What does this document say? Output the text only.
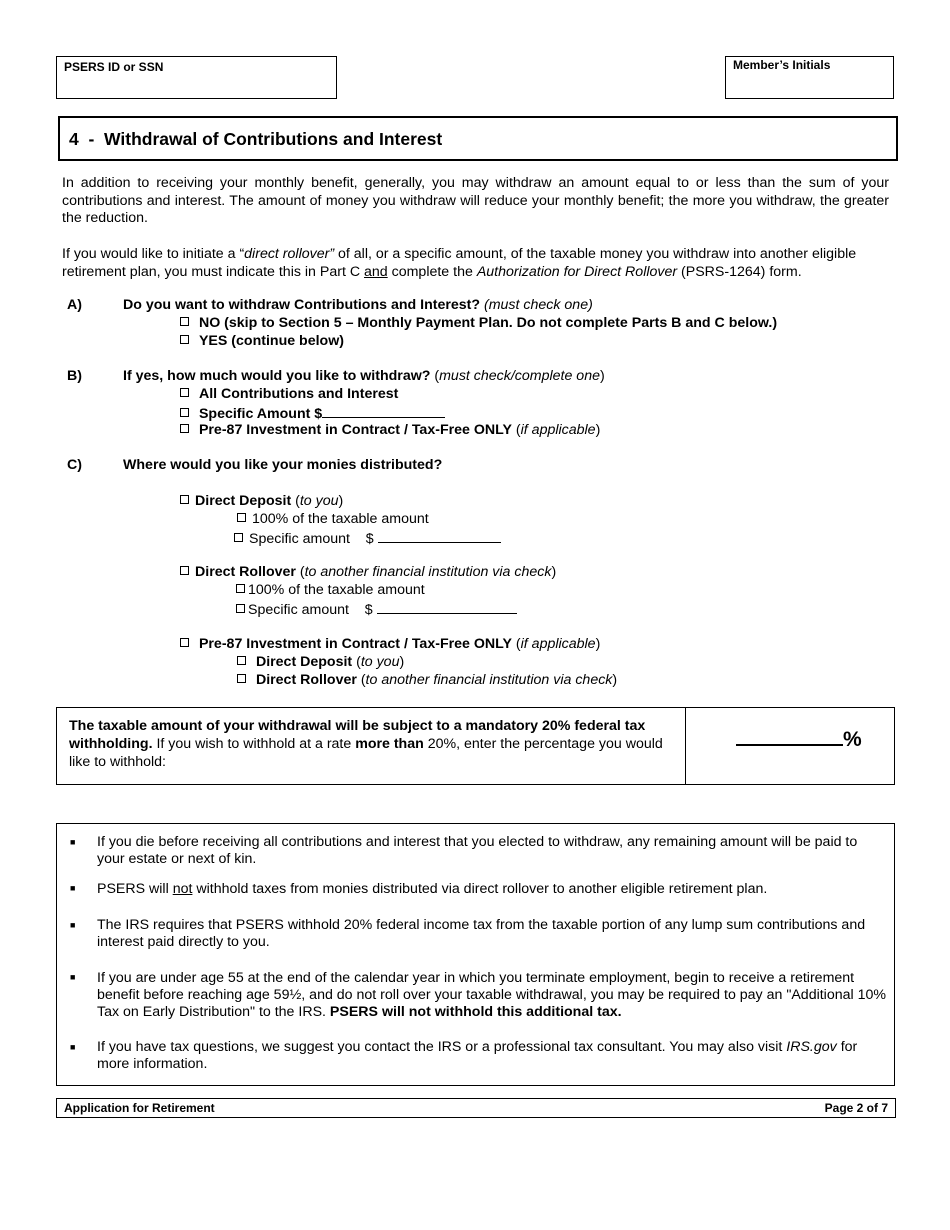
PSERS ID or SSN	Member’s Initials
4 - Withdrawal of Contributions and Interest
In addition to receiving your monthly benefit, generally, you may withdraw an amount equal to or less than the sum of your contributions and interest. The amount of money you withdraw will reduce your monthly benefit; the more you withdraw, the greater the reduction.
If you would like to initiate a “direct rollover” of all, or a specific amount, of the taxable money you withdraw into another eligible retirement plan, you must indicate this in Part C and complete the Authorization for Direct Rollover (PSRS-1264) form.
A)	Do you want to withdraw Contributions and Interest? (must check one)
NO (skip to Section 5 – Monthly Payment Plan. Do not complete Parts B and C below.)
YES (continue below)
B)	If yes, how much would you like to withdraw? (must check/complete one)
All Contributions and Interest
Specific Amount $
Pre-87 Investment in Contract / Tax-Free ONLY (if applicable)
C)	Where would you like your monies distributed?
Direct Deposit (to you)
100% of the taxable amount
Specific amount $
Direct Rollover (to another financial institution via check)
100% of the taxable amount
Specific amount $
Pre-87 Investment in Contract / Tax-Free ONLY (if applicable)
Direct Deposit (to you)
Direct Rollover (to another financial institution via check)
The taxable amount of your withdrawal will be subject to a mandatory 20% federal tax withholding. If you wish to withhold at a rate more than 20%, enter the percentage you would like to withhold:
%
■ If you die before receiving all contributions and interest that you elected to withdraw, any remaining amount will be paid to your estate or next of kin.
■ PSERS will not withhold taxes from monies distributed via direct rollover to another eligible retirement plan.
■ The IRS requires that PSERS withhold 20% federal income tax from the taxable portion of any lump sum contributions and interest paid directly to you.
■ If you are under age 55 at the end of the calendar year in which you terminate employment, begin to receive a retirement benefit before reaching age 59½, and do not roll over your taxable withdrawal, you may be required to pay an "Additional 10% Tax on Early Distribution" to the IRS. PSERS will not withhold this additional tax.
■ If you have tax questions, we suggest you contact the IRS or a professional tax consultant. You may also visit IRS.gov for more information.
Application for Retirement	Page 2 of 7
